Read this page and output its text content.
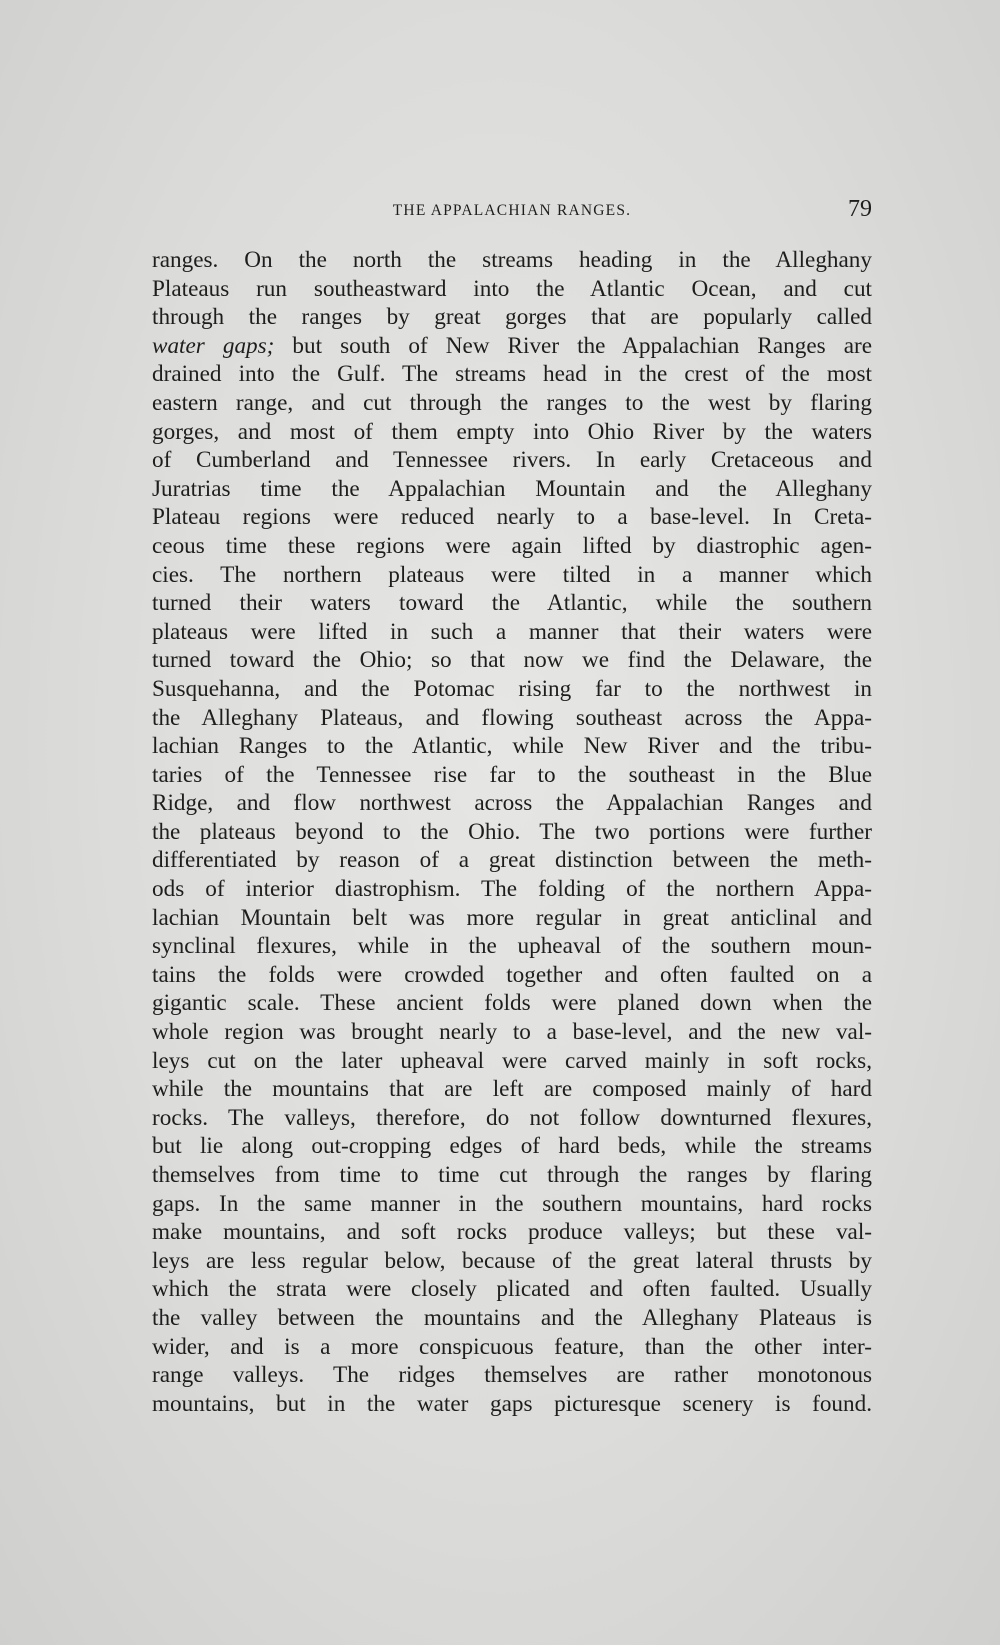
THE APPALACHIAN RANGES.	79
ranges. On the north the streams heading in the Alleghany
Plateaus run southeastward into the Atlantic Ocean, and cut
through the ranges by great gorges that are popularly called
water gaps; but south of New River the Appalachian Ranges are
drained into the Gulf. The streams head in the crest of the most
eastern range, and cut through the ranges to the west by flaring
gorges, and most of them empty into Ohio River by the waters
of Cumberland and Tennessee rivers. In early Cretaceous and
Juratrias time the Appalachian Mountain and the Alleghany
Plateau regions were reduced nearly to a base-level. In Creta-
ceous time these regions were again lifted by diastrophic agen-
cies. The northern plateaus were tilted in a manner which
turned their waters toward the Atlantic, while the southern
plateaus were lifted in such a manner that their waters were
turned toward the Ohio; so that now we find the Delaware, the
Susquehanna, and the Potomac rising far to the northwest in
the Alleghany Plateaus, and flowing southeast across the Appa-
lachian Ranges to the Atlantic, while New River and the tribu-
taries of the Tennessee rise far to the southeast in the Blue
Ridge, and flow northwest across the Appalachian Ranges and
the plateaus beyond to the Ohio. The two portions were further
differentiated by reason of a great distinction between the meth-
ods of interior diastrophism. The folding of the northern Appa-
lachian Mountain belt was more regular in great anticlinal and
synclinal flexures, while in the upheaval of the southern moun-
tains the folds were crowded together and often faulted on a
gigantic scale. These ancient folds were planed down when the
whole region was brought nearly to a base-level, and the new val-
leys cut on the later upheaval were carved mainly in soft rocks,
while the mountains that are left are composed mainly of hard
rocks. The valleys, therefore, do not follow downturned flexures,
but lie along out-cropping edges of hard beds, while the streams
themselves from time to time cut through the ranges by flaring
gaps. In the same manner in the southern mountains, hard rocks
make mountains, and soft rocks produce valleys; but these val-
leys are less regular below, because of the great lateral thrusts by
which the strata were closely plicated and often faulted. Usually
the valley between the mountains and the Alleghany Plateaus is
wider, and is a more conspicuous feature, than the other inter-
range valleys. The ridges themselves are rather monotonous
mountains, but in the water gaps picturesque scenery is found.
